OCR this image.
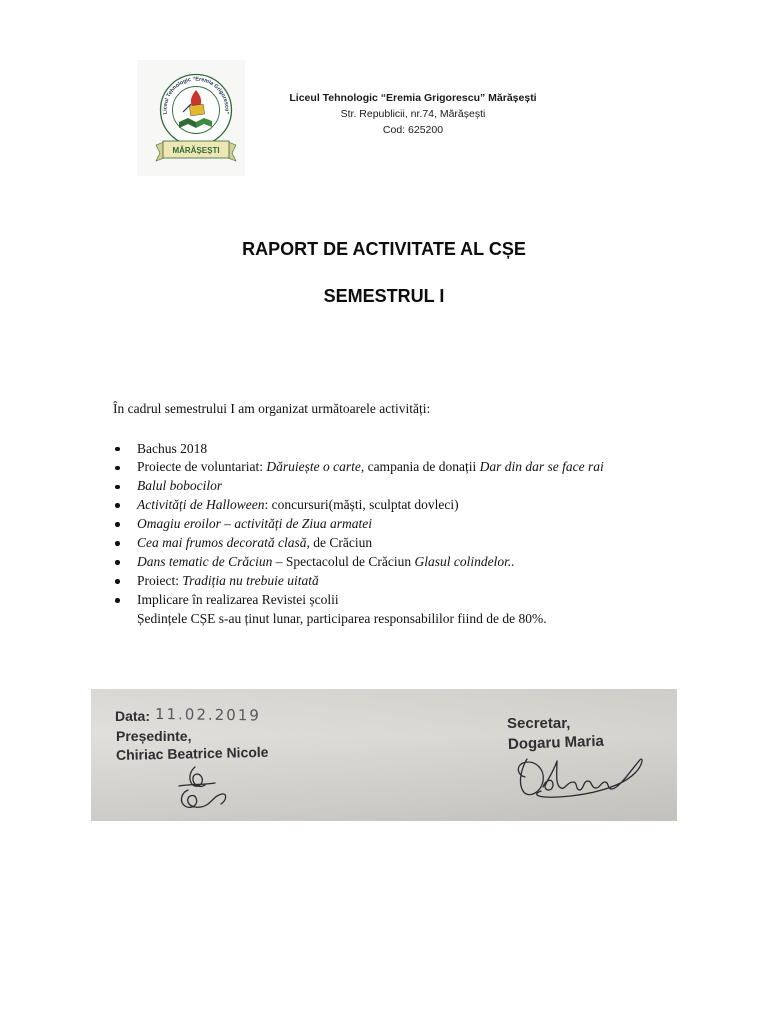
Liceul Tehnologic “Eremia Grigorescu”
MĂRĂȘEȘTI
Liceul Tehnologic “Eremia Grigorescu” Mărășești
Str. Republicii, nr.74, Mărășești
Cod: 625200
RAPORT DE ACTIVITATE AL CȘE
SEMESTRUL I
În cadrul semestrului I am organizat următoarele activități:
Bachus 2018
Proiecte de voluntariat: Dăruiește o carte, campania de donații Dar din dar se face rai
Balul bobocilor
Activități de Halloween: concursuri(măști, sculptat dovleci)
Omagiu eroilor – activități de Ziua armatei
Cea mai frumos decorată clasă, de Crăciun
Dans tematic de Crăciun – Spectacolul de Crăciun Glasul colindelor..
Proiect: Tradiția nu trebuie uitată
Implicare în realizarea Revistei școlii
Ședințele CȘE s-au ținut lunar, participarea responsabililor fiind de de 80%.
Data: 11.02.2019
Președinte,
Chiriac Beatrice Nicole
Secretar,
Dogaru Maria
